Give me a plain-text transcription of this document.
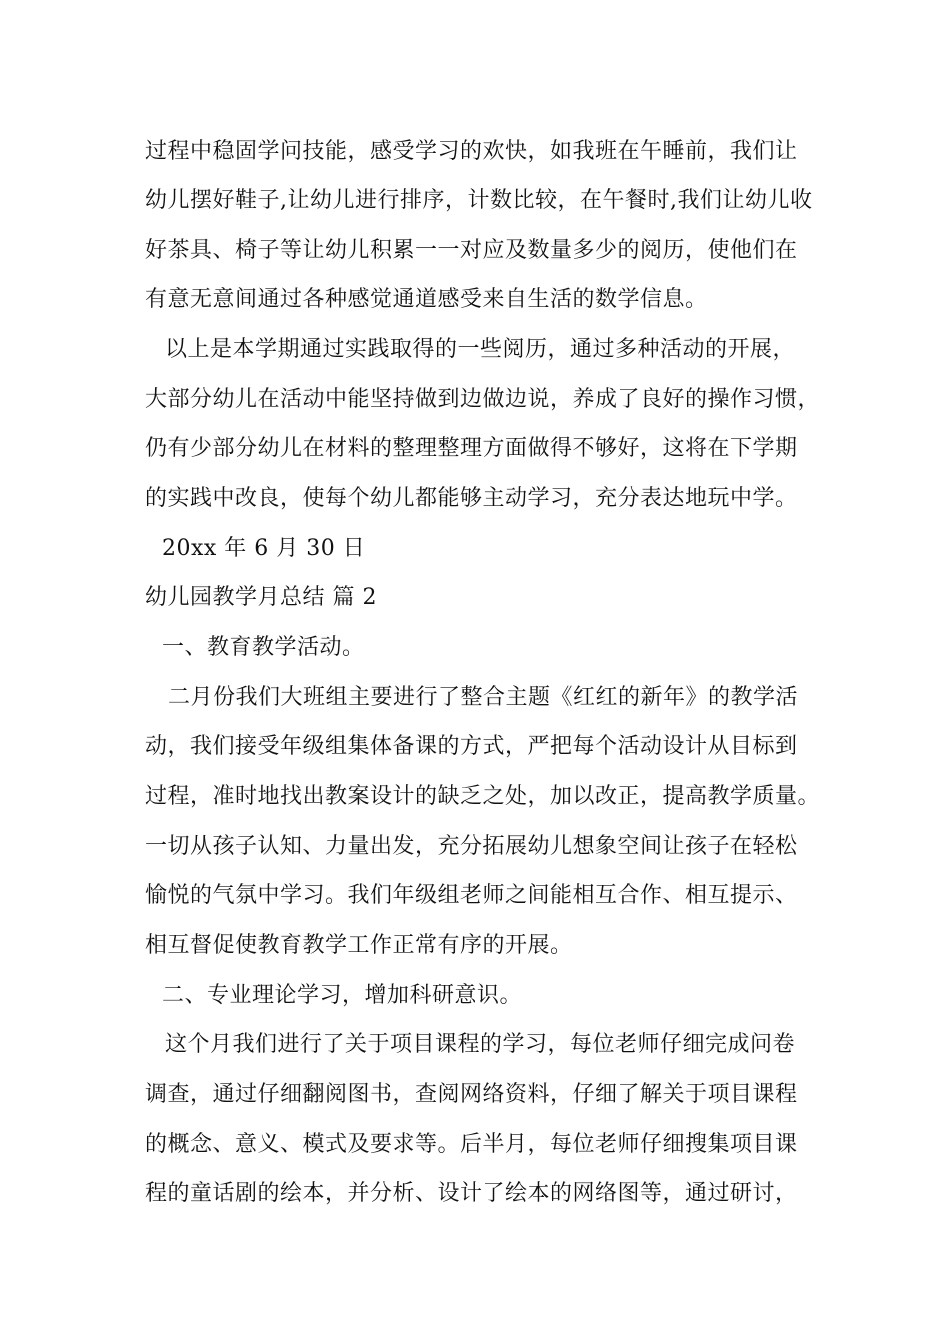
过程中稳固学问技能，感受学习的欢快，如我班在午睡前，我们让
幼儿摆好鞋子,让幼儿进行排序，计数比较，在午餐时,我们让幼儿收
好茶具、椅子等让幼儿积累一一对应及数量多少的阅历，使他们在
有意无意间通过各种感觉通道感受来自生活的数学信息。
以上是本学期通过实践取得的一些阅历，通过多种活动的开展，
大部分幼儿在活动中能坚持做到边做边说，养成了良好的操作习惯，
仍有少部分幼儿在材料的整理整理方面做得不够好，这将在下学期
的实践中改良，使每个幼儿都能够主动学习，充分表达地玩中学。
20xx 年 6 月 30 日
幼儿园教学月总结 篇 2
一、教育教学活动。
二月份我们大班组主要进行了整合主题《红红的新年》的教学活
动，我们接受年级组集体备课的方式，严把每个活动设计从目标到
过程，准时地找出教案设计的缺乏之处，加以改正，提高教学质量。
一切从孩子认知、力量出发，充分拓展幼儿想象空间让孩子在轻松
愉悦的气氛中学习。我们年级组老师之间能相互合作、相互提示、
相互督促使教育教学工作正常有序的开展。
二、专业理论学习，增加科研意识。
这个月我们进行了关于项目课程的学习，每位老师仔细完成问卷
调查，通过仔细翻阅图书，查阅网络资料，仔细了解关于项目课程
的概念、意义、模式及要求等。后半月，每位老师仔细搜集项目课
程的童话剧的绘本，并分析、设计了绘本的网络图等，通过研讨，
